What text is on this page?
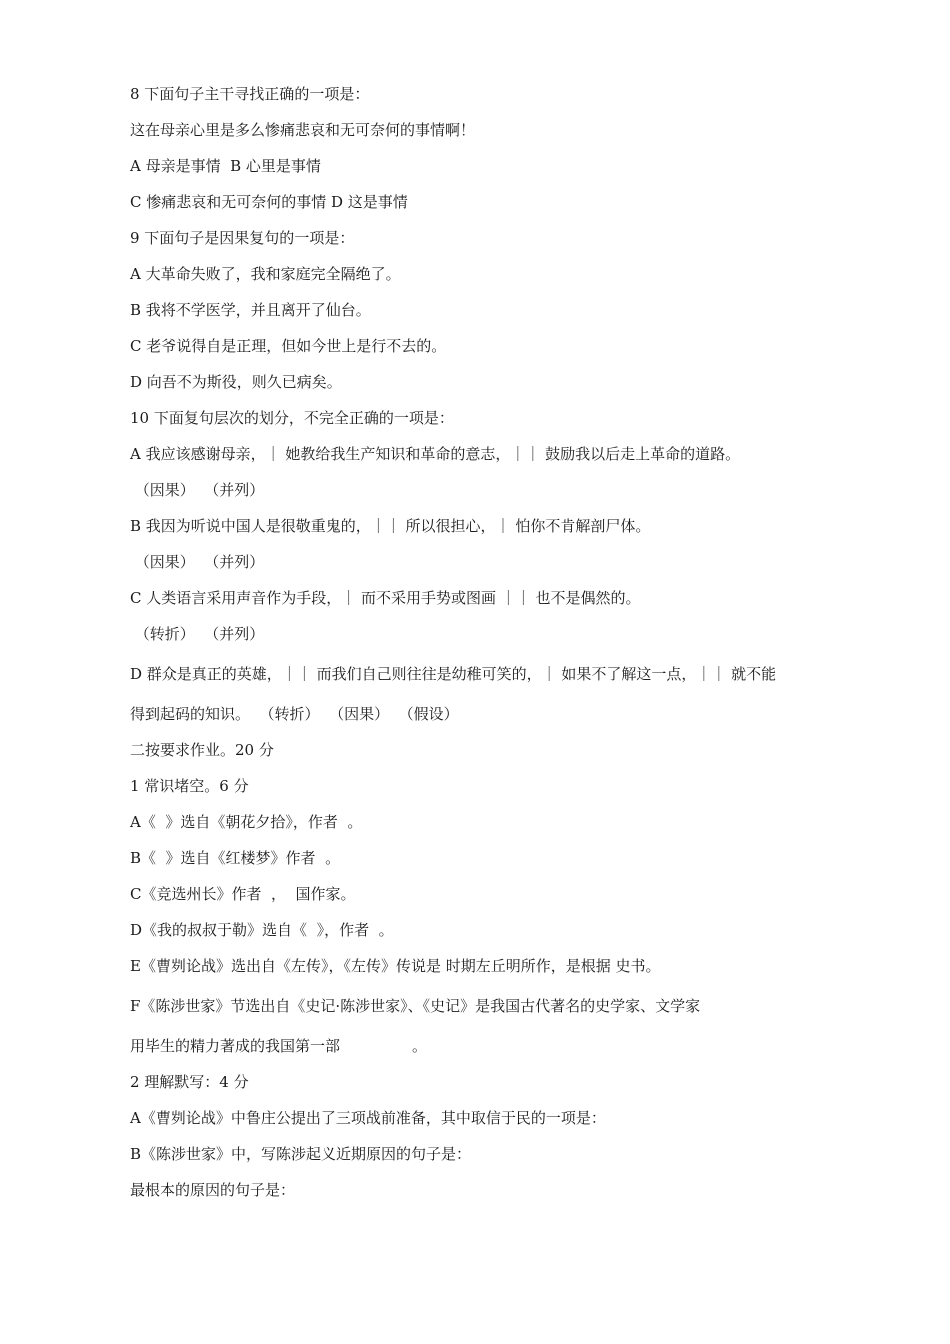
8 下面句子主干寻找正确的一项是：
这在母亲心里是多么惨痛悲哀和无可奈何的事情啊！
A 母亲是事情  B 心里是事情
C 惨痛悲哀和无可奈何的事情 D 这是事情
9 下面句子是因果复句的一项是：
A 大革命失败了，我和家庭完全隔绝了。
B 我将不学医学，并且离开了仙台。
C 老爷说得自是正理，但如今世上是行不去的。
D 向吾不为斯役，则久已病矣。
10 下面复句层次的划分，不完全正确的一项是：
A 我应该感谢母亲，｜ 她教给我生产知识和革命的意志，｜｜ 鼓励我以后走上革命的道路。
（因果）  （并列）
B 我因为听说中国人是很敬重鬼的，｜｜ 所以很担心，｜ 怕你不肯解剖尸体。
（因果）  （并列）
C 人类语言采用声音作为手段，｜ 而不采用手势或图画 ｜｜ 也不是偶然的。
（转折）  （并列）
D 群众是真正的英雄，｜｜ 而我们自己则往往是幼稚可笑的，｜ 如果不了解这一点，｜｜ 就不能
得到起码的知识。  （转折）  （因果）  （假设）
二按要求作业。20 分
1 常识堵空。6 分
A《  》选自《朝花夕拾》，作者  。
B《  》选自《红楼梦》作者  。
C《竞选州长》作者  ，  国作家。
D《我的叔叔于勒》选自《  》，作者  。
E《曹刿论战》选出自《左传》，《左传》传说是 时期左丘明所作，是根据 史书。
F《陈涉世家》节选出自《史记·陈涉世家》、《史记》是我国古代著名的史学家、文学家
用毕生的精力著成的我国第一部	。
2 理解默写：4 分
A《曹刿论战》中鲁庄公提出了三项战前准备，其中取信于民的一项是：
B《陈涉世家》中，写陈涉起义近期原因的句子是：
最根本的原因的句子是：
